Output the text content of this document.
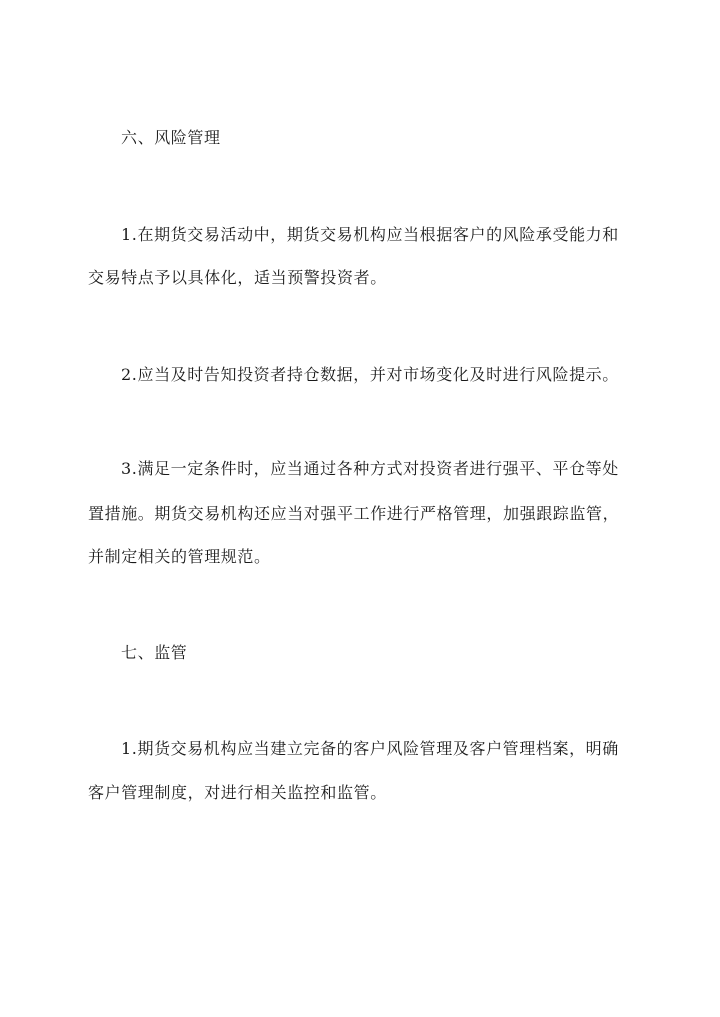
六、风险管理

1.在期货交易活动中，期货交易机构应当根据客户的风险承受能力和

交易特点予以具体化，适当预警投资者。

2.应当及时告知投资者持仓数据，并对市场变化及时进行风险提示。

3.满足一定条件时，应当通过各种方式对投资者进行强平、平仓等处

置措施。期货交易机构还应当对强平工作进行严格管理，加强跟踪监管，

并制定相关的管理规范。

七、监管

1.期货交易机构应当建立完备的客户风险管理及客户管理档案，明确

客户管理制度，对进行相关监控和监管。
